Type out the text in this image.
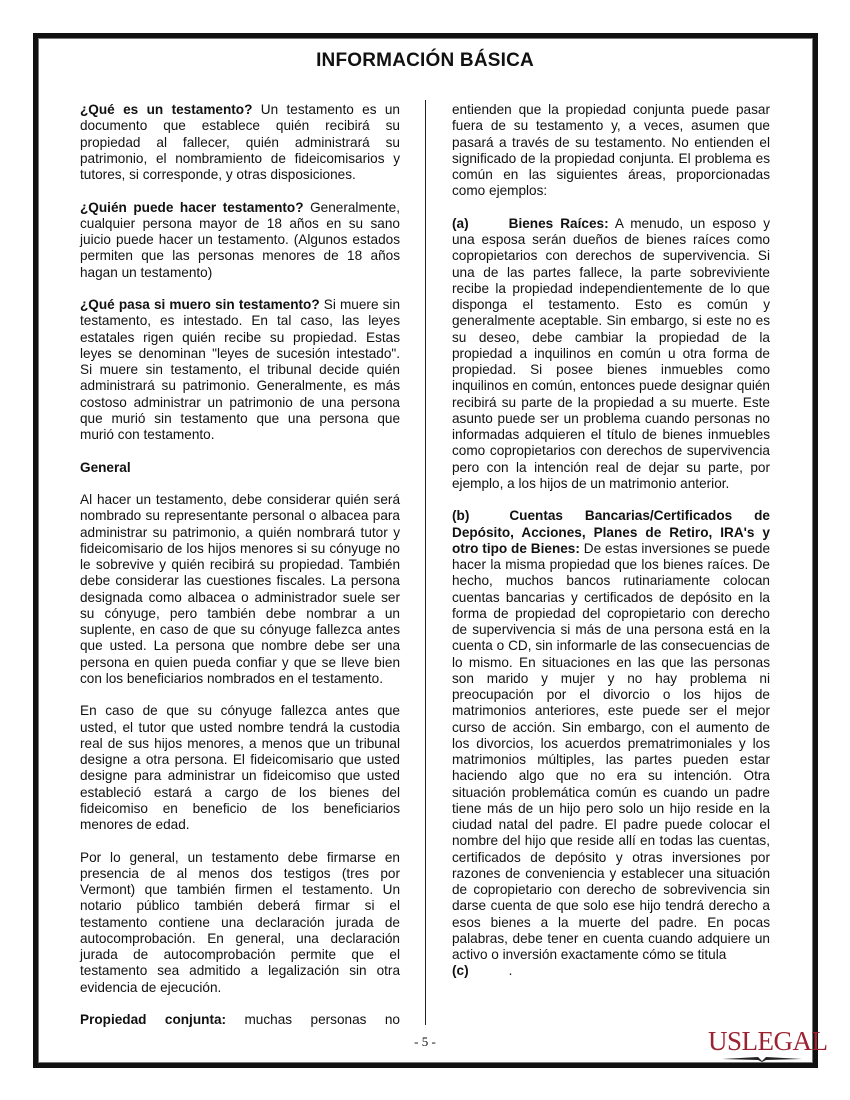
INFORMACIÓN BÁSICA

¿Qué es un testamento? Un testamento es un documento que establece quién recibirá su propiedad al fallecer, quién administrará su patrimonio, el nombramiento de fideicomisarios y tutores, si corresponde, y otras disposiciones.

¿Quién puede hacer testamento? Generalmente, cualquier persona mayor de 18 años en su sano juicio puede hacer un testamento. (Algunos estados permiten que las personas menores de 18 años hagan un testamento)

¿Qué pasa si muero sin testamento? Si muere sin testamento, es intestado. En tal caso, las leyes estatales rigen quién recibe su propiedad. Estas leyes se denominan "leyes de sucesión intestado". Si muere sin testamento, el tribunal decide quién administrará su patrimonio. Generalmente, es más costoso administrar un patrimonio de una persona que murió sin testamento que una persona que murió con testamento.

General

Al hacer un testamento, debe considerar quién será nombrado su representante personal o albacea para administrar su patrimonio, a quién nombrará tutor y fideicomisario de los hijos menores si su cónyuge no le sobrevive y quién recibirá su propiedad. También debe considerar las cuestiones fiscales. La persona designada como albacea o administrador suele ser su cónyuge, pero también debe nombrar a un suplente, en caso de que su cónyuge fallezca antes que usted. La persona que nombre debe ser una persona en quien pueda confiar y que se lleve bien con los beneficiarios nombrados en el testamento.

En caso de que su cónyuge fallezca antes que usted, el tutor que usted nombre tendrá la custodia real de sus hijos menores, a menos que un tribunal designe a otra persona. El fideicomisario que usted designe para administrar un fideicomiso que usted estableció estará a cargo de los bienes del fideicomiso en beneficio de los beneficiarios menores de edad.

Por lo general, un testamento debe firmarse en presencia de al menos dos testigos (tres por Vermont) que también firmen el testamento. Un notario público también deberá firmar si el testamento contiene una declaración jurada de autocomprobación. En general, una declaración jurada de autocomprobación permite que el testamento sea admitido a legalización sin otra evidencia de ejecución.

Propiedad conjunta: muchas personas no

entienden que la propiedad conjunta puede pasar fuera de su testamento y, a veces, asumen que pasará a través de su testamento. No entienden el significado de la propiedad conjunta. El problema es común en las siguientes áreas, proporcionadas como ejemplos:

(a)	Bienes Raíces: A menudo, un esposo y una esposa serán dueños de bienes raíces como copropietarios con derechos de supervivencia. Si una de las partes fallece, la parte sobreviviente recibe la propiedad independientemente de lo que disponga el testamento. Esto es común y generalmente aceptable. Sin embargo, si este no es su deseo, debe cambiar la propiedad de la propiedad a inquilinos en común u otra forma de propiedad. Si posee bienes inmuebles como inquilinos en común, entonces puede designar quién recibirá su parte de la propiedad a su muerte. Este asunto puede ser un problema cuando personas no informadas adquieren el título de bienes inmuebles como copropietarios con derechos de supervivencia pero con la intención real de dejar su parte, por ejemplo, a los hijos de un matrimonio anterior.

(b)	Cuentas Bancarias/Certificados de Depósito, Acciones, Planes de Retiro, IRA's y otro tipo de Bienes: De estas inversiones se puede hacer la misma propiedad que los bienes raíces. De hecho, muchos bancos rutinariamente colocan cuentas bancarias y certificados de depósito en la forma de propiedad del copropietario con derecho de supervivencia si más de una persona está en la cuenta o CD, sin informarle de las consecuencias de lo mismo. En situaciones en las que las personas son marido y mujer y no hay problema ni preocupación por el divorcio o los hijos de matrimonios anteriores, este puede ser el mejor curso de acción. Sin embargo, con el aumento de los divorcios, los acuerdos prematrimoniales y los matrimonios múltiples, las partes pueden estar haciendo algo que no era su intención. Otra situación problemática común es cuando un padre tiene más de un hijo pero solo un hijo reside en la ciudad natal del padre. El padre puede colocar el nombre del hijo que reside allí en todas las cuentas, certificados de depósito y otras inversiones por razones de conveniencia y establecer una situación de copropietario con derecho de sobrevivencia sin darse cuenta de que solo ese hijo tendrá derecho a esos bienes a la muerte del padre. En pocas palabras, debe tener en cuenta cuando adquiere un activo o inversión exactamente cómo se titula

(c)	.

- 5 -	USLEGAL
